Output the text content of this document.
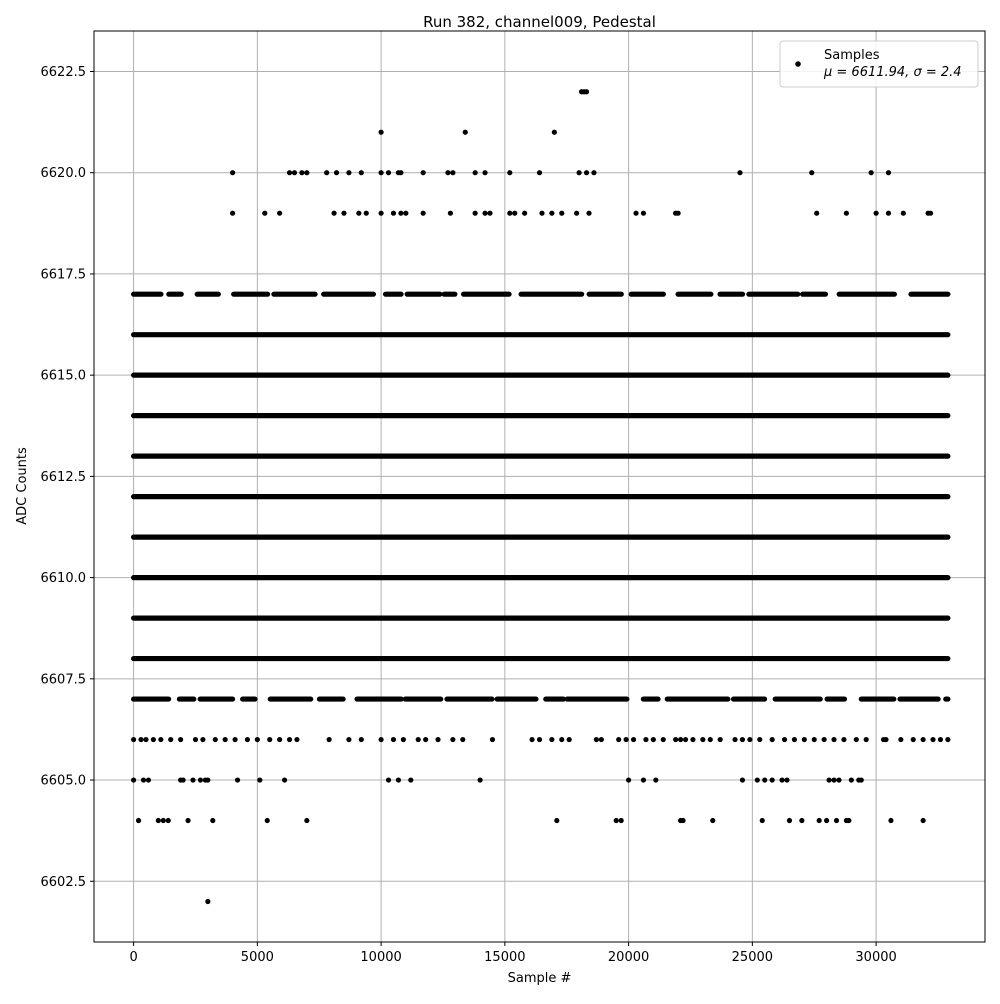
0	5000	10000	15000	20000	25000	30000
6602.5
6605.0
6607.5
6610.0
6612.5
6615.0
6617.5
6620.0
6622.5
Run 382, channel009, Pedestal
Sample #
ADC Counts
Samples
μ = 6611.94, σ = 2.4
